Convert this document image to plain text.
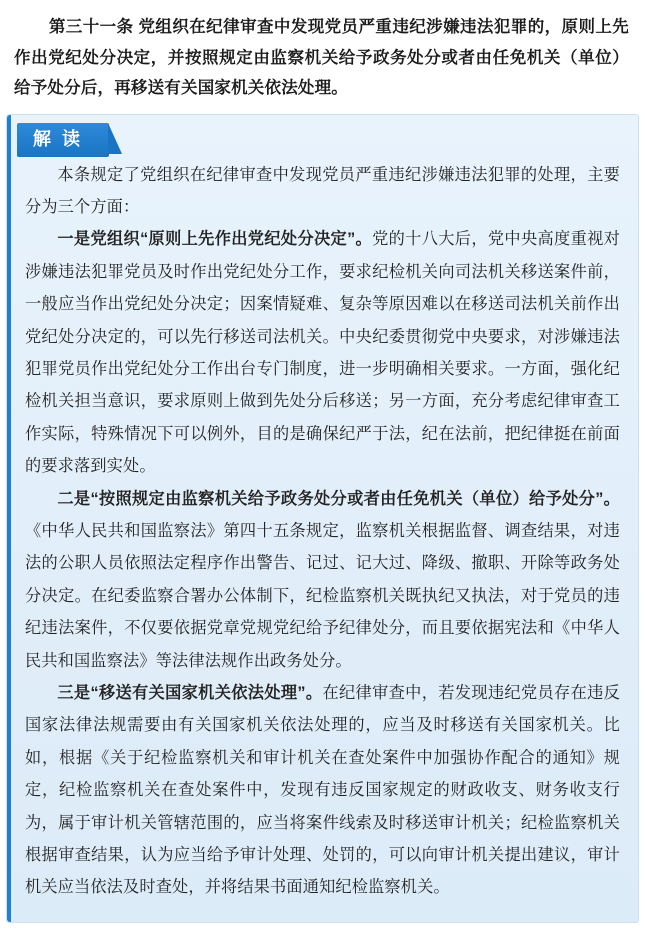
第三十一条 党组织在纪律审查中发现党员严重违纪涉嫌违法犯罪的，原则上先作出党纪处分决定，并按照规定由监察机关给予政务处分或者由任免机关（单位）给予处分后，再移送有关国家机关依法处理。
解 读

本条规定了党组织在纪律审查中发现党员严重违纪涉嫌违法犯罪的处理，主要分为三个方面：

一是党组织“原则上先作出党纪处分决定”。党的十八大后，党中央高度重视对涉嫌违法犯罪党员及时作出党纪处分工作，要求纪检机关向司法机关移送案件前，一般应当作出党纪处分决定；因案情疑难、复杂等原因难以在移送司法机关前作出党纪处分决定的，可以先行移送司法机关。中央纪委贯彻党中央要求，对涉嫌违法犯罪党员作出党纪处分工作出台专门制度，进一步明确相关要求。一方面，强化纪检机关担当意识，要求原则上做到先处分后移送；另一方面，充分考虑纪律审查工作实际，特殊情况下可以例外，目的是确保纪严于法，纪在法前，把纪律挺在前面的要求落到实处。

二是“按照规定由监察机关给予政务处分或者由任免机关（单位）给予处分”。《中华人民共和国监察法》第四十五条规定，监察机关根据监督、调查结果，对违法的公职人员依照法定程序作出警告、记过、记大过、降级、撤职、开除等政务处分决定。在纪委监察合署办公体制下，纪检监察机关既执纪又执法，对于党员的违纪违法案件，不仅要依据党章党规党纪给予纪律处分，而且要依据宪法和《中华人民共和国监察法》等法律法规作出政务处分。

三是“移送有关国家机关依法处理”。在纪律审查中，若发现违纪党员存在违反国家法律法规需要由有关国家机关依法处理的，应当及时移送有关国家机关。比如，根据《关于纪检监察机关和审计机关在查处案件中加强协作配合的通知》规定，纪检监察机关在查处案件中，发现有违反国家规定的财政收支、财务收支行为，属于审计机关管辖范围的，应当将案件线索及时移送审计机关；纪检监察机关根据审查结果，认为应当给予审计处理、处罚的，可以向审计机关提出建议，审计机关应当依法及时查处，并将结果书面通知纪检监察机关。
